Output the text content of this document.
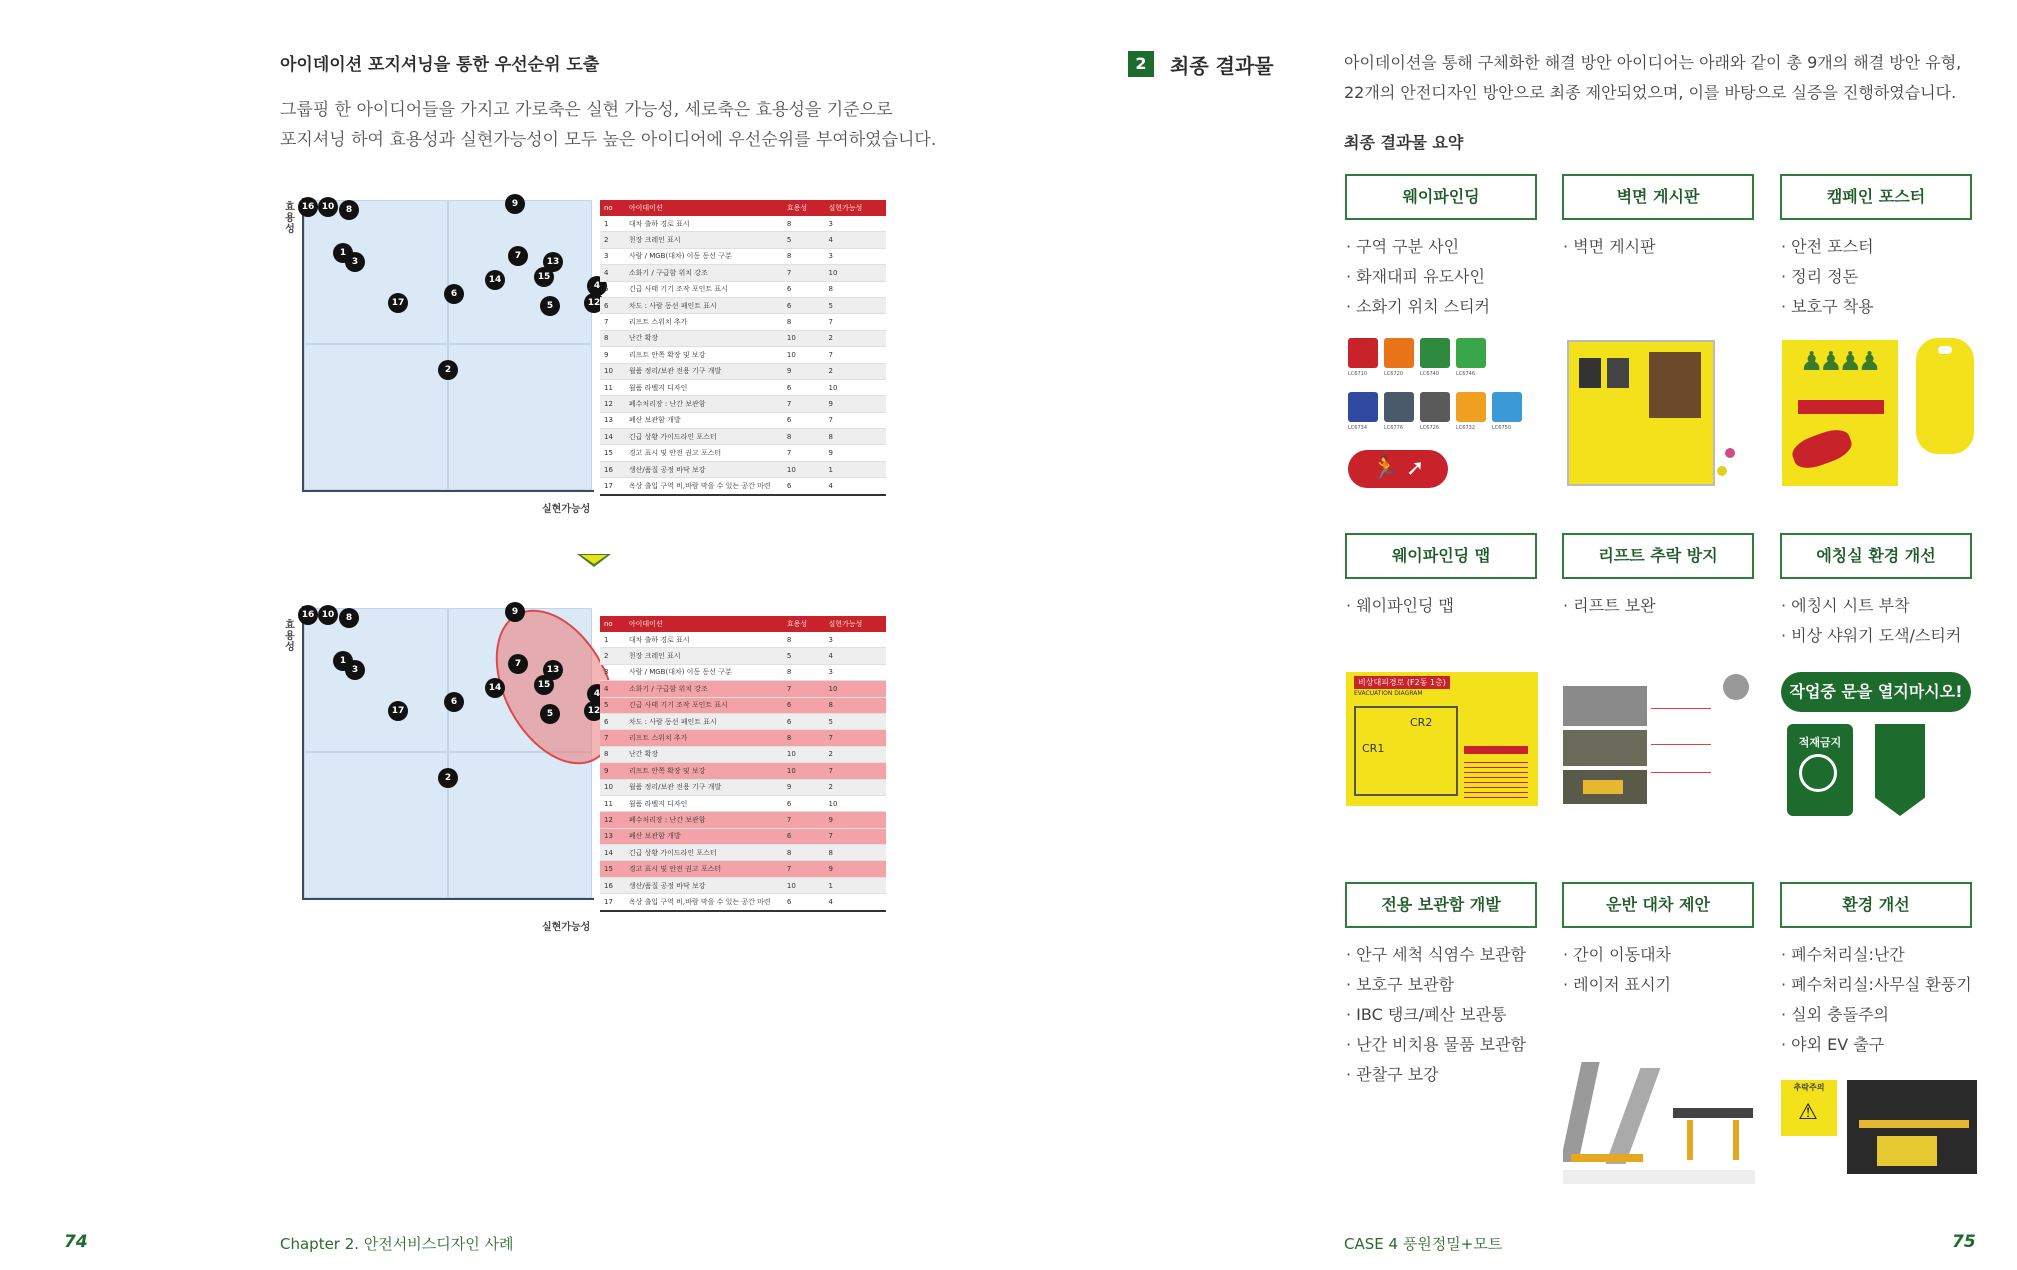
아이데이션 포지셔닝을 통한 우선순위 도출
그룹핑 한 아이디어들을 가지고 가로축은 실현 가능성, 세로축은 효용성을 기준으로
포지셔닝 하여 효용성과 실현가능성이 모두 높은 아이디어에 우선순위를 부여하였습니다.
16 10	8
9
1
3
7
13
14	15
4
12
5
6
17
2
효용성
실현가능성
no	아이데이션	효용성	실현가능성
1	대차 출하 경로 표시	8	3
2	천장 크레인 표시	5	4
3	사람 / MGB(대차) 이동 동선 구분	8	3
4	소화기 / 구급함 위치 강조	7	10
5	긴급 사태 기기 조작 포인트 표시	6	8
6	차도 : 사람 동선 페인트 표시	6	5
7	리프트 스위치 추가	8	7
8	난간 확장	10	2
9	리프트 안쪽 확장 및 보강	10	7
10	월품 정리/보관 전용 기구 개발	9	2
11	월품 라벨지 디자인	6	10
12	폐수처리장 : 난간 보관함	7	9
13	폐산 보관함 개발	6	7
14	긴급 상황 가이드라인 포스터	8	8
15	경고 표시 및 안전 권고 포스터	7	9
16	생산/품질 공정 바닥 보강	10	1
17	옥상 출입 구역 비,바람 막을 수 있는 공간 마련	6	4
16 10	8
9
1
3
7
13
14	15
4
12
5
6
17
2
효용성
실현가능성
no	아이데이션	효용성	실현가능성
1	대차 출하 경로 표시	8	3
2	천장 크레인 표시	5	4
3	사람 / MGB(대차) 이동 동선 구분	8	3
4	소화기 / 구급함 위치 강조	7	10
5	긴급 사태 기기 조작 포인트 표시	6	8
6	차도 : 사람 동선 페인트 표시	6	5
7	리프트 스위치 추가	8	7
8	난간 확장	10	2
9	리프트 안쪽 확장 및 보강	10	7
10	월품 정리/보관 전용 기구 개발	9	2
11	월품 라벨지 디자인	6	10
12	폐수처리장 : 난간 보관함	7	9
13	폐산 보관함 개발	6	7
14	긴급 상황 가이드라인 포스터	8	8
15	경고 표시 및 안전 권고 포스터	7	9
16	생산/품질 공정 바닥 보강	10	1
17	옥상 출입 구역 비,바람 막을 수 있는 공간 마련	6	4
Chapter 2. 안전서비스디자인 사례
74
2	최종 결과물	아이데이션을 통해 구체화한 해결 방안 아이디어는 아래와 같이 총 9개의 해결 방안 유형,
22개의 안전디자인 방안으로 최종 제안되었으며, 이를 바탕으로 실증을 진행하였습니다.
최종 결과물 요약
웨이파인딩	벽면 게시판	캠페인 포스터
웨이파인딩 맵	리프트 추락 방지	에칭실 환경 개선
전용 보관함 개발	운반 대차 제안	환경 개선
· 구역 구분 사인
· 화재대피 유도사인
· 소화기 위치 스티커
· 벽면 게시판	· 안전 포스터
· 정리 정돈
· 보호구 착용
· 웨이파인딩 맵	· 리프트 보완	· 에칭시 시트 부착
· 비상 샤워기 도색/스티커
· 안구 세척 식염수 보관함
· 보호구 보관함
· IBC 탱크/폐산 보관통
· 난간 비치용 물품 보관함
· 관찰구 보강
· 간이 이동대차
· 레이저 표시기
· 폐수처리실:난간
· 폐수처리실:사무실 환풍기
· 실외 충돌주의
· 야외 EV 출구
LC6710	LC6720	LC6740	LC6746
LC6734	LC6776	LC6726	LC6732	LC6750
🏃 ➚
♟♟♟♟
비상대피경로 (F2동 1층)
EVACUATION DIAGRAM
CR1
CR2
작업중 문을 열지마시오!
적재금지
추락주의
⚠
CASE 4 풍원정밀+모트	75
